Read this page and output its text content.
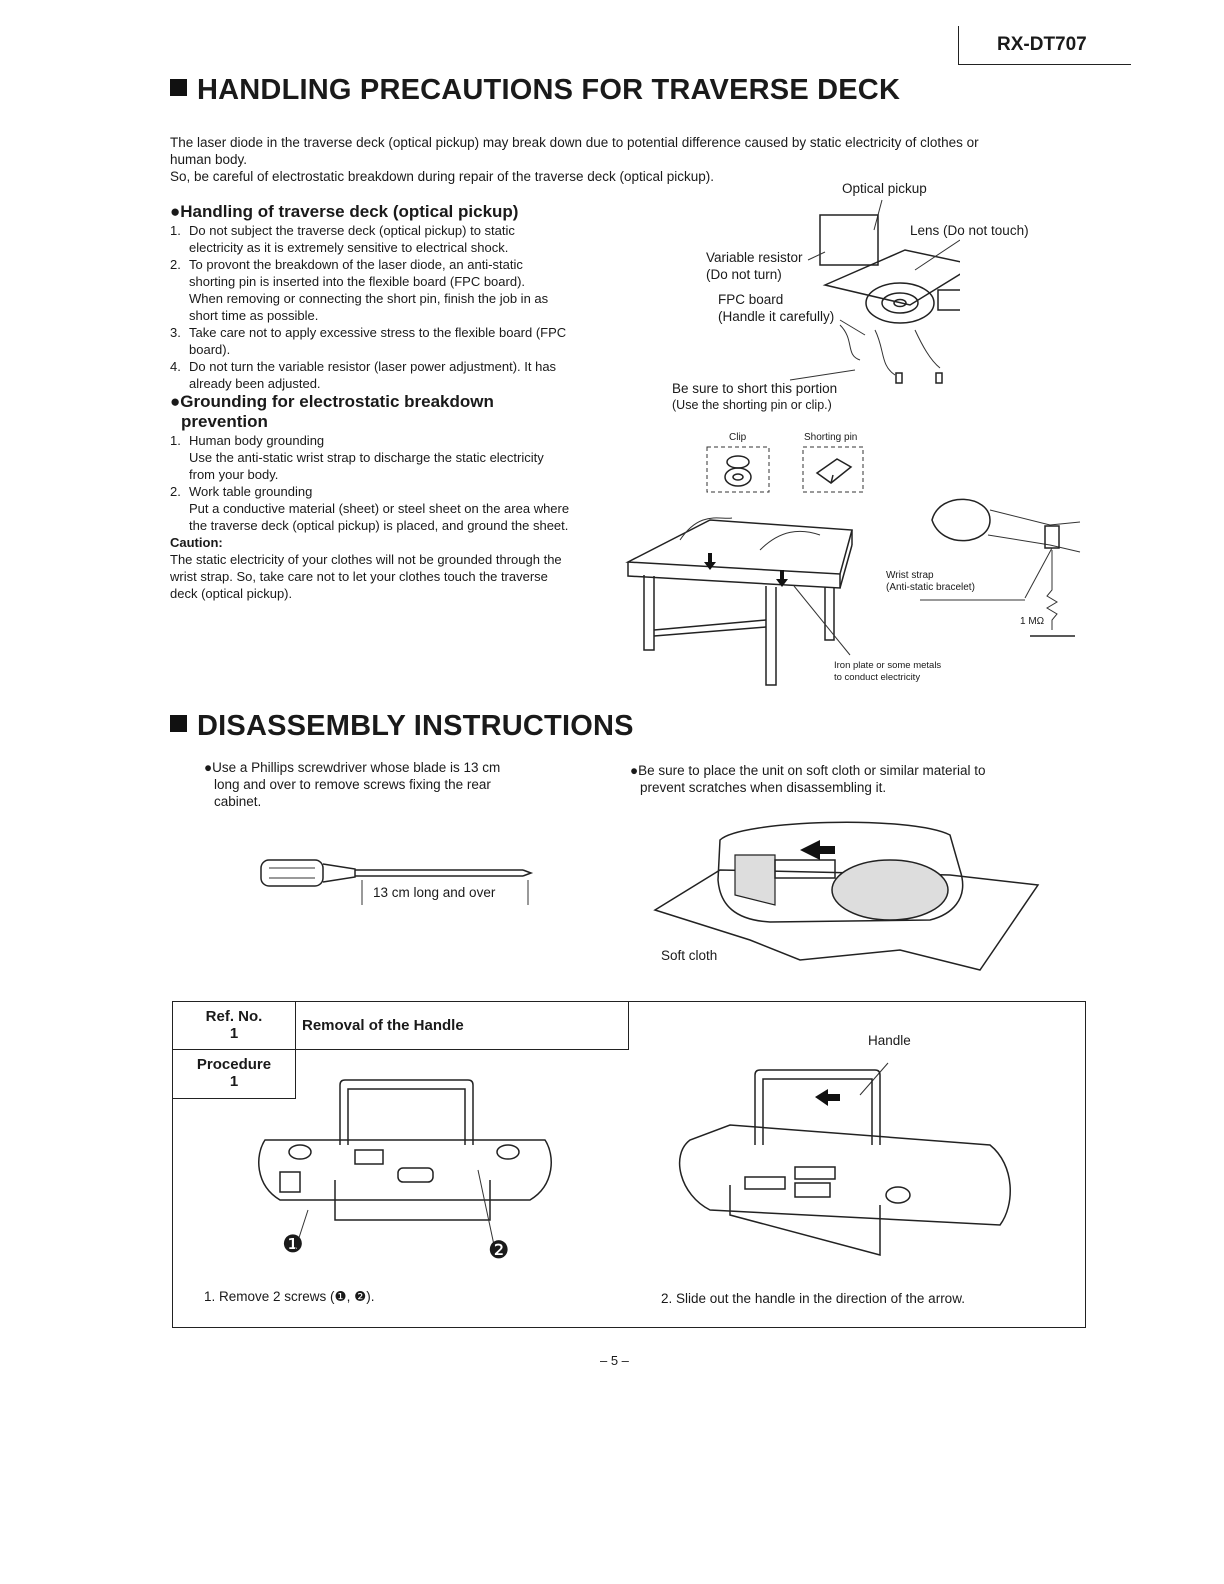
RX-DT707
HANDLING PRECAUTIONS FOR TRAVERSE DECK
The laser diode in the traverse deck (optical pickup) may break down due to potential difference caused by static electricity of clothes or
human body.
So, be careful of electrostatic breakdown during repair of the traverse deck (optical pickup).
●Handling of traverse deck (optical pickup)
1. Do not subject the traverse deck (optical pickup) to static
electricity as it is extremely sensitive to electrical shock.
2. To provont the breakdown of the laser diode, an anti-static
shorting pin is inserted into the flexible board (FPC board).
When removing or connecting the short pin, finish the job in as
short time as possible.
3. Take care not to apply excessive stress to the flexible board (FPC
board).
4. Do not turn the variable resistor (laser power adjustment). It has
already been adjusted.
●Grounding for electrostatic breakdown
prevention
1. Human body grounding
Use the anti-static wrist strap to discharge the static electricity
from your body.
2. Work table grounding
Put a conductive material (sheet) or steel sheet on the area where
the traverse deck (optical pickup) is placed, and ground the sheet.
Caution:
The static electricity of your clothes will not be grounded through the
wrist strap. So, take care not to let your clothes touch the traverse
deck (optical pickup).
Optical pickup
Lens (Do not touch)
Variable resistor
(Do not turn)
FPC board
(Handle it carefully)
Be sure to short this portion
(Use the shorting pin or clip.)
Clip	Shorting pin
Wrist strap
(Anti-static bracelet)
1 MΩ
Iron plate or some metals
to conduct electricity
DISASSEMBLY INSTRUCTIONS
●Use a Phillips screwdriver whose blade is 13 cm
long and over to remove screws fixing the rear
cabinet.
●Be sure to place the unit on soft cloth or similar material to
prevent scratches when disassembling it.
13 cm long and over
Soft cloth
Ref. No.
1	Removal of the Handle
Procedure
1
❶	❷
Handle
1. Remove 2 screws (❶, ❷).	2. Slide out the handle in the direction of the arrow.
– 5 –
